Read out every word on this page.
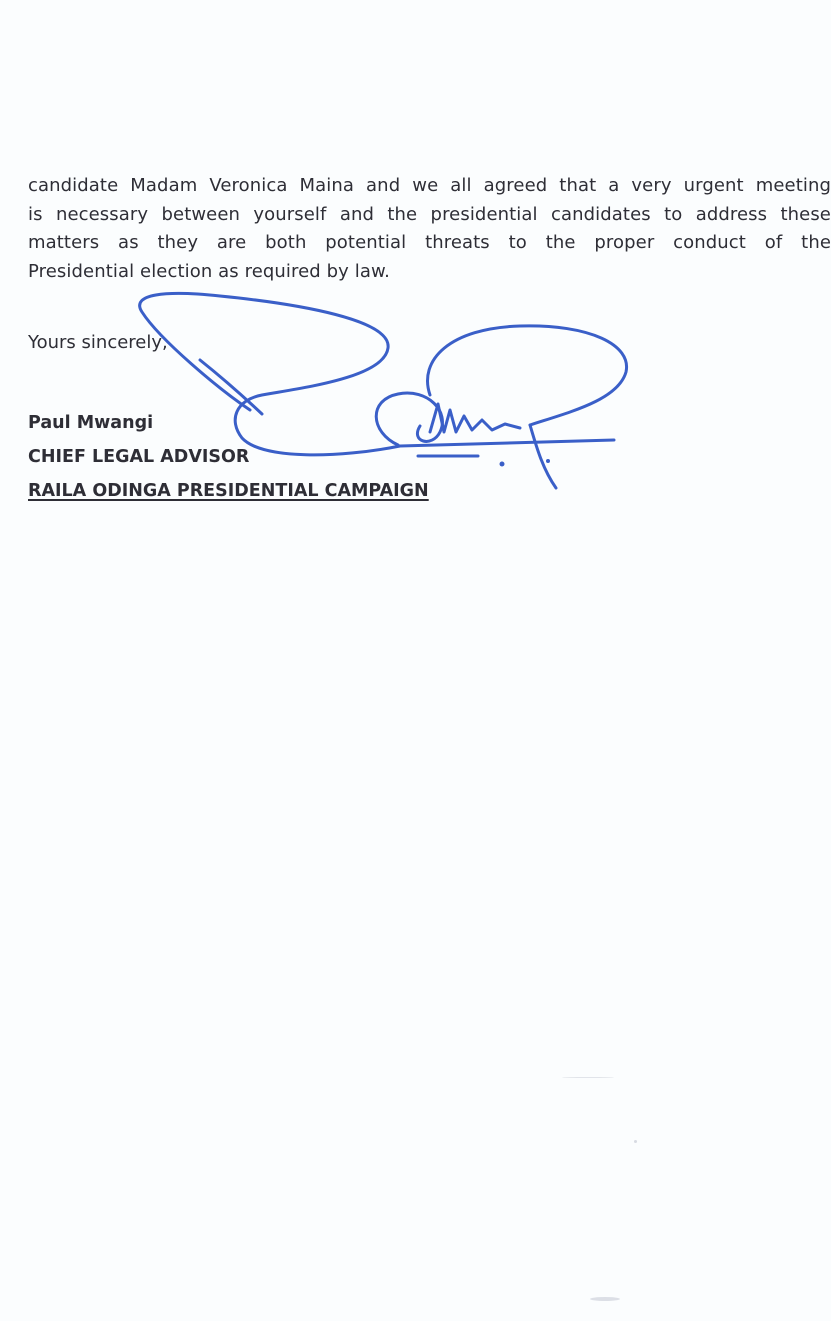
candidate Madam Veronica Maina and we all agreed that a very urgent meeting
is necessary between yourself and the presidential candidates to address these
matters as they are both potential threats to the proper conduct of the
Presidential election as required by law.
Yours sincerely,
Paul Mwangi
CHIEF LEGAL ADVISOR
RAILA ODINGA PRESIDENTIAL CAMPAIGN
